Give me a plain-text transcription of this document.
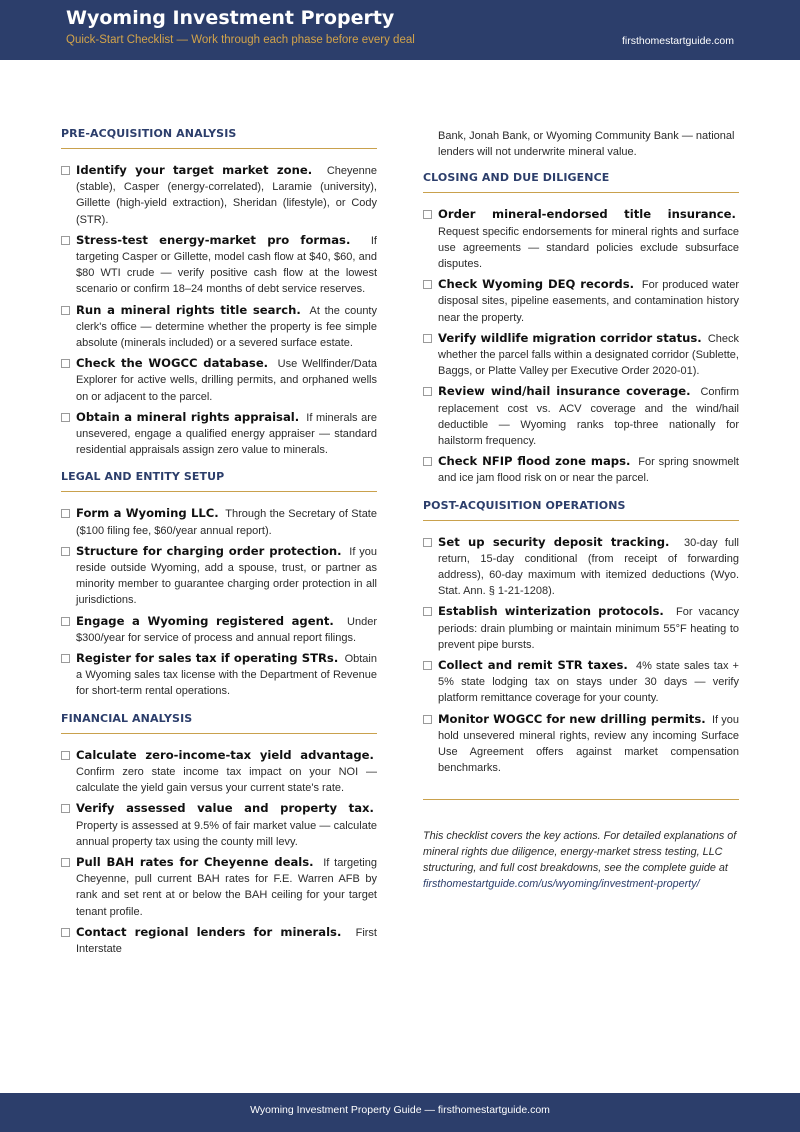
Wyoming Investment Property
Quick-Start Checklist — Work through each phase before every deal	firsthomestartguide.com
PRE-ACQUISITION ANALYSIS
Identify your target market zone. Cheyenne (stable), Casper (energy-correlated), Laramie (university), Gillette (high-yield extraction), Sheridan (lifestyle), or Cody (STR).
Stress-test energy-market pro formas. If targeting Casper or Gillette, model cash flow at $40, $60, and $80 WTI crude — verify positive cash flow at the lowest scenario or confirm 18–24 months of debt service reserves.
Run a mineral rights title search. At the county clerk's office — determine whether the property is fee simple absolute (minerals included) or a severed surface estate.
Check the WOGCC database. Use Wellfinder/Data Explorer for active wells, drilling permits, and orphaned wells on or adjacent to the parcel.
Obtain a mineral rights appraisal. If minerals are unsevered, engage a qualified energy appraiser — standard residential appraisals assign zero value to minerals.
LEGAL AND ENTITY SETUP
Form a Wyoming LLC. Through the Secretary of State ($100 filing fee, $60/year annual report).
Structure for charging order protection. If you reside outside Wyoming, add a spouse, trust, or partner as minority member to guarantee charging order protection in all jurisdictions.
Engage a Wyoming registered agent. Under $300/year for service of process and annual report filings.
Register for sales tax if operating STRs. Obtain a Wyoming sales tax license with the Department of Revenue for short-term rental operations.
FINANCIAL ANALYSIS
Calculate zero-income-tax yield advantage.  Confirm zero state income tax impact on your NOI — calculate the yield gain versus your current state's rate.
Verify assessed value and property tax.  Property is assessed at 9.5% of fair market value — calculate annual property tax using the county mill levy.
Pull BAH rates for Cheyenne deals. If targeting Cheyenne, pull current BAH rates for F.E. Warren AFB by rank and set rent at or below the BAH ceiling for your target tenant profile.
Contact regional lenders for minerals. First Interstate
Bank, Jonah Bank, or Wyoming Community Bank — national lenders will not underwrite mineral value.
CLOSING AND DUE DILIGENCE
Order mineral-endorsed title insurance.  Request specific endorsements for mineral rights and surface use agreements — standard policies exclude subsurface disputes.
Check Wyoming DEQ records. For produced water disposal sites, pipeline easements, and contamination history near the property.
Verify wildlife migration corridor status. Check whether the parcel falls within a designated corridor (Sublette, Baggs, or Platte Valley per Executive Order 2020-01).
Review wind/hail insurance coverage. Confirm replacement cost vs. ACV coverage and the wind/hail deductible — Wyoming ranks top-three nationally for hailstorm frequency.
Check NFIP flood zone maps. For spring snowmelt and ice jam flood risk on or near the parcel.
POST-ACQUISITION OPERATIONS
Set up security deposit tracking. 30-day full return, 15-day conditional (from receipt of forwarding address), 60-day maximum with itemized deductions (Wyo. Stat. Ann. § 1-21-1208).
Establish winterization protocols. For vacancy periods: drain plumbing or maintain minimum 55°F heating to prevent pipe bursts.
Collect and remit STR taxes. 4% state sales tax + 5% state lodging tax on stays under 30 days — verify platform remittance coverage for your county.
Monitor WOGCC for new drilling permits. If you hold unsevered mineral rights, review any incoming Surface Use Agreement offers against market compensation benchmarks.
This checklist covers the key actions. For detailed explanations of mineral rights due diligence, energy-market stress testing, LLC structuring, and full cost breakdowns, see the complete guide at firsthomestartguide.com/us/wyoming/investment-property/
Wyoming Investment Property Guide — firsthomestartguide.com
